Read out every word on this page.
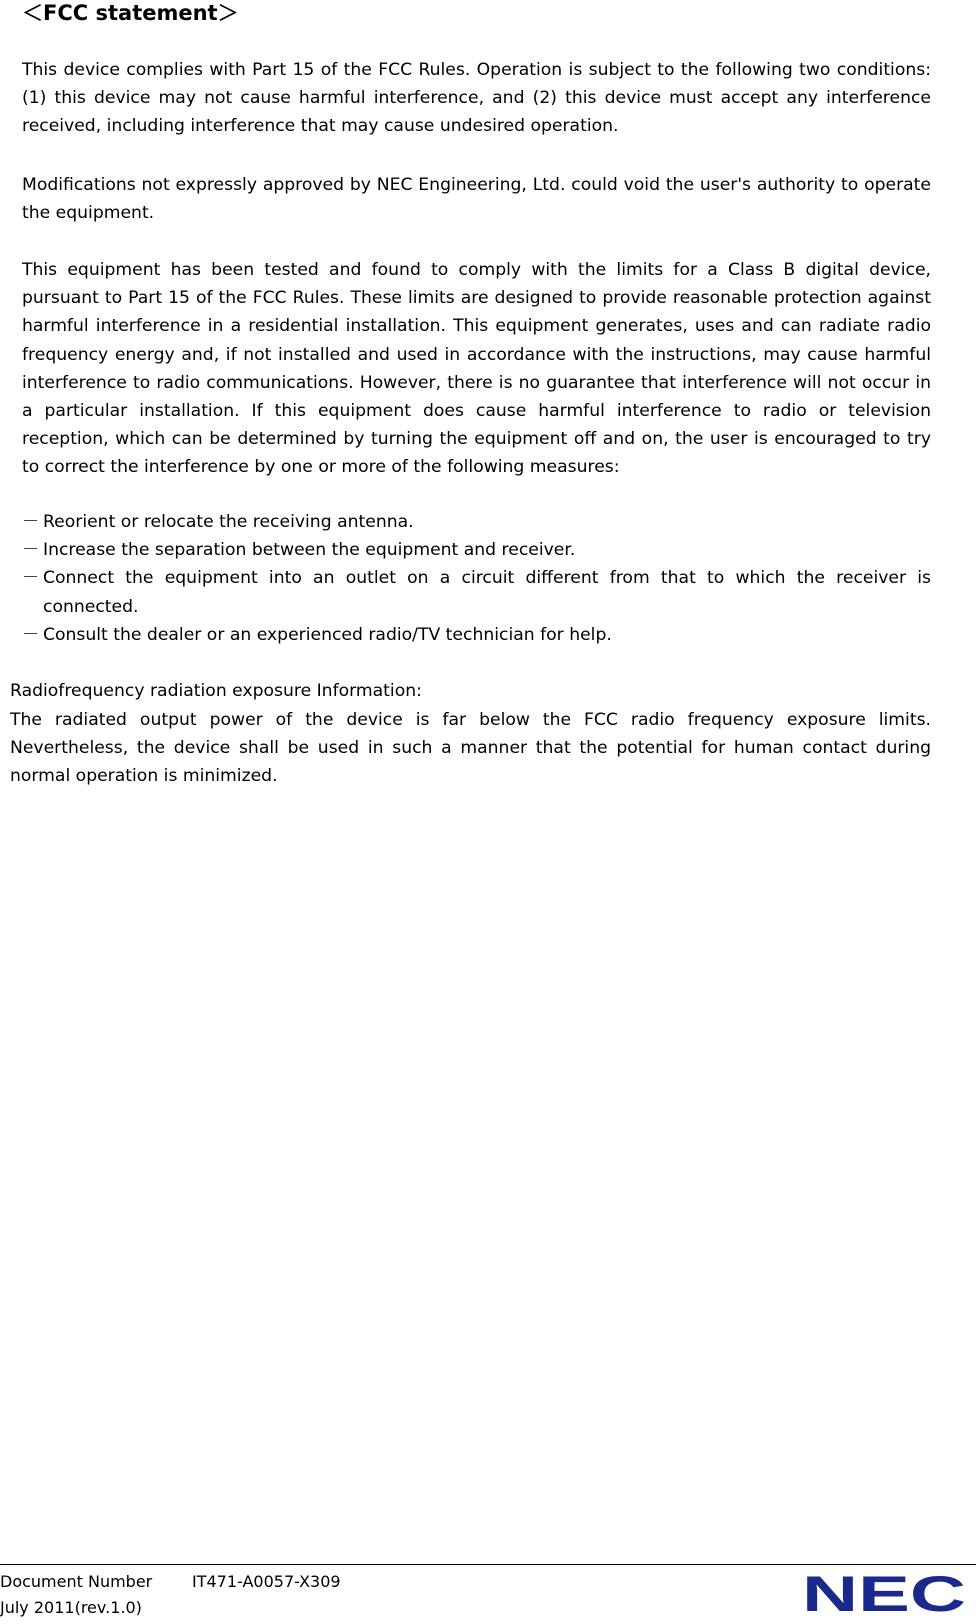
＜FCC statement＞
This device complies with Part 15 of the FCC Rules. Operation is subject to the following two conditions: (1) this device may not cause harmful interference, and (2) this device must accept any interference received, including interference that may cause undesired operation.
Modifications not expressly approved by NEC Engineering, Ltd. could void the user's authority to operate the equipment.
This equipment has been tested and found to comply with the limits for a Class B digital device, pursuant to Part 15 of the FCC Rules. These limits are designed to provide reasonable protection against harmful interference in a residential installation. This equipment generates, uses and can radiate radio frequency energy and, if not installed and used in accordance with the instructions, may cause harmful interference to radio communications. However, there is no guarantee that interference will not occur in a particular installation. If this equipment does cause harmful interference to radio or television reception, which can be determined by turning the equipment off and on, the user is encouraged to try to correct the interference by one or more of the following measures:
－ Reorient or relocate the receiving antenna.
－ Increase the separation between the equipment and receiver.
－ Connect the equipment into an outlet on a circuit different from that to which the receiver is connected.
－ Consult the dealer or an experienced radio/TV technician for help.
Radiofrequency radiation exposure Information:
The radiated output power of the device is far below the FCC radio frequency exposure limits. Nevertheless, the device shall be used in such a manner that the potential for human contact during normal operation is minimized.
Document Number IT471-A0057-X309
July 2011(rev.1.0)	NEC
